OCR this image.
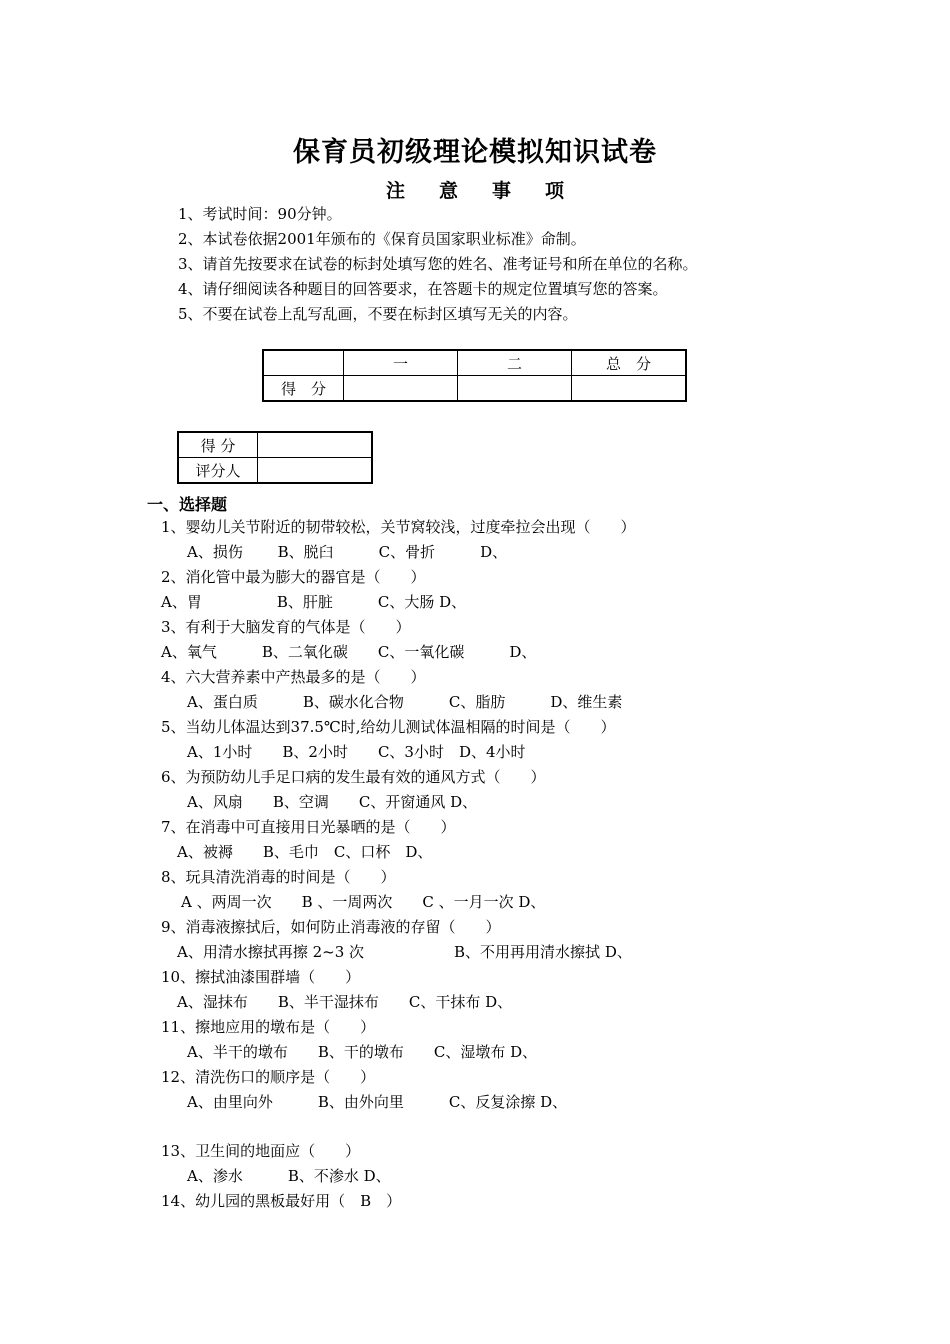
保育员初级理论模拟知识试卷
注意事项
1、考试时间：90分钟。
2、本试卷依据2001年颁布的《保育员国家职业标准》命制。
3、请首先按要求在试卷的标封处填写您的姓名、准考证号和所在单位的名称。
4、请仔细阅读各种题目的回答要求，在答题卡的规定位置填写您的答案。
5、不要在试卷上乱写乱画，不要在标封区填写无关的内容。
	一	二	总　分
得　分			
得 分	
评分人	
一、选择题
1、婴幼儿关节附近的韧带较松，关节窝较浅，过度牵拉会出现（　　）
A、损伤　　 B、脱臼　　　C、骨折　　　D、
2、消化管中最为膨大的器官是（　　）
A、胃　　　　　B、肝脏　　　C、大肠 D、
3、有利于大脑发育的气体是（　　）
A、氧气　　　B、二氧化碳　　C、一氧化碳　　　D、
4、六大营养素中产热最多的是（　　）
A、蛋白质　　　B、碳水化合物　　　C、脂肪　　　D、维生素
5、当幼儿体温达到37.5℃时,给幼儿测试体温相隔的时间是（　　）
A、1小时　　B、2小时　　C、3小时　D、4小时
6、为预防幼儿手足口病的发生最有效的通风方式（　　）
A、风扇　　B、空调　　C、开窗通风 D、
7、在消毒中可直接用日光暴晒的是（　　）
A、被褥　　B、毛巾　C、口杯　D、
8、玩具清洗消毒的时间是（　　）
A 、两周一次　　B 、一周两次　　C 、一月一次 D、
9、消毒液擦拭后，如何防止消毒液的存留（　　）
A、用清水擦拭再擦 2~3 次　　　　　　B、不用再用清水擦拭 D、
10、擦拭油漆围群墙（　　）
A、湿抹布　　B、半干湿抹布　　C、干抹布 D、
11、擦地应用的墩布是（　　）
A、半干的墩布　　B、干的墩布　　C、湿墩布 D、
12、清洗伤口的顺序是（　　）
A、由里向外　　　B、由外向里　　　C、反复涂擦 D、
13、卫生间的地面应（　　）
A、渗水　　　B、不渗水 D、
14、幼儿园的黑板最好用（　B　）
